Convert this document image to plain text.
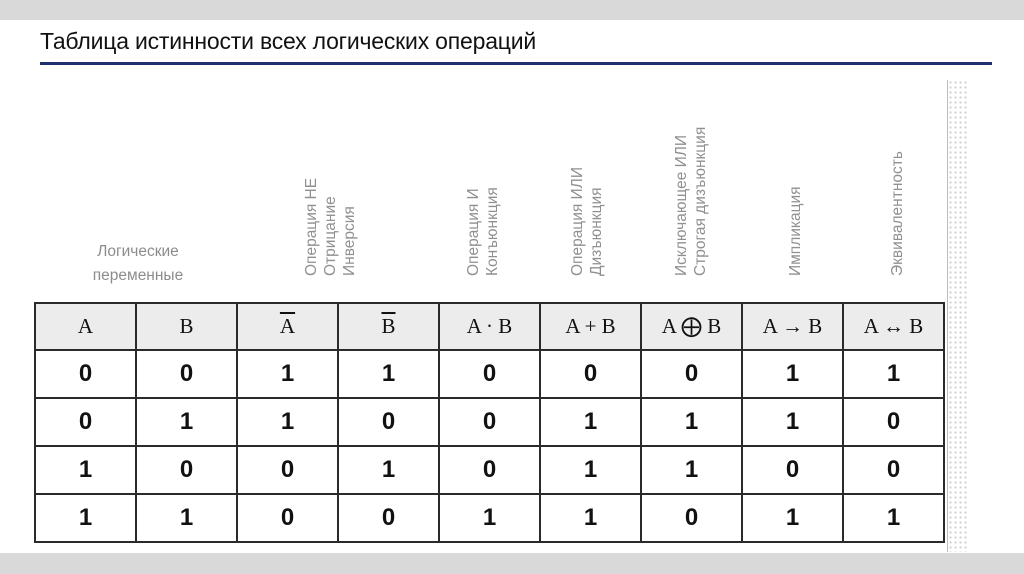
Таблица истинности всех логических операций
Логические переменные	Операция НЕ Отрицание Инверсия	Операция И Конъюнкция	Операция ИЛИ Дизъюнкция	Исключающее ИЛИ Строгая дизъюнкция	Импликация	Эквивалентность
A	B	$\overline{A}$	$\overline{B}$	A · B	A + B	A ⨁ B	A → B	A ↔ B
0	0	1	1	0	0	0	1	1
0	1	1	0	0	1	1	1	0
1	0	0	1	0	1	1	0	0
1	1	0	0	1	1	0	1	1
